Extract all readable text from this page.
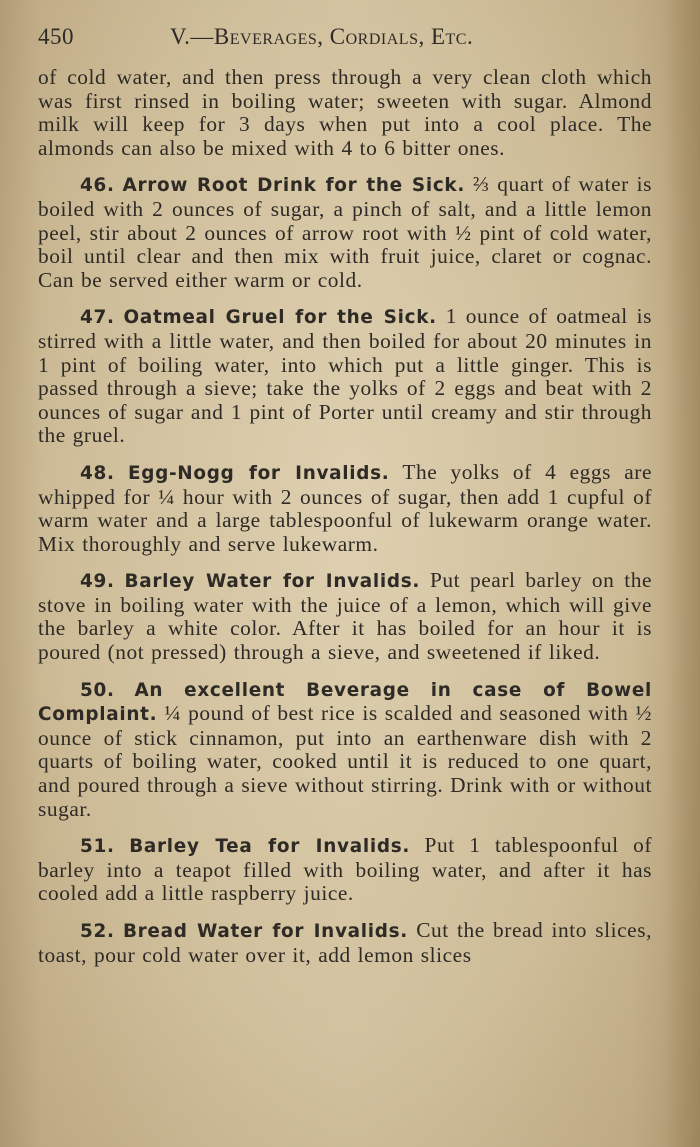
450	V.—Beverages, Cordials, Etc.

of cold water, and then press through a very clean cloth which was first rinsed in boiling water; sweeten with sugar. Almond milk will keep for 3 days when put into a cool place. The almonds can also be mixed with 4 to 6 bitter ones.

46. Arrow Root Drink for the Sick. ⅔ quart of water is boiled with 2 ounces of sugar, a pinch of salt, and a little lemon peel, stir about 2 ounces of arrow root with ½ pint of cold water, boil until clear and then mix with fruit juice, claret or cognac. Can be served either warm or cold.

47. Oatmeal Gruel for the Sick. 1 ounce of oatmeal is stirred with a little water, and then boiled for about 20 minutes in 1 pint of boiling water, into which put a little ginger. This is passed through a sieve; take the yolks of 2 eggs and beat with 2 ounces of sugar and 1 pint of Porter until creamy and stir through the gruel.

48. Egg-Nogg for Invalids. The yolks of 4 eggs are whipped for ¼ hour with 2 ounces of sugar, then add 1 cupful of warm water and a large tablespoonful of lukewarm orange water. Mix thoroughly and serve lukewarm.

49. Barley Water for Invalids. Put pearl barley on the stove in boiling water with the juice of a lemon, which will give the barley a white color. After it has boiled for an hour it is poured (not pressed) through a sieve, and sweetened if liked.

50. An excellent Beverage in case of Bowel Complaint. ¼ pound of best rice is scalded and seasoned with ½ ounce of stick cinnamon, put into an earthenware dish with 2 quarts of boiling water, cooked until it is reduced to one quart, and poured through a sieve without stirring. Drink with or without sugar.

51. Barley Tea for Invalids. Put 1 tablespoonful of barley into a teapot filled with boiling water, and after it has cooled add a little raspberry juice.

52. Bread Water for Invalids. Cut the bread into slices, toast, pour cold water over it, add lemon slices
